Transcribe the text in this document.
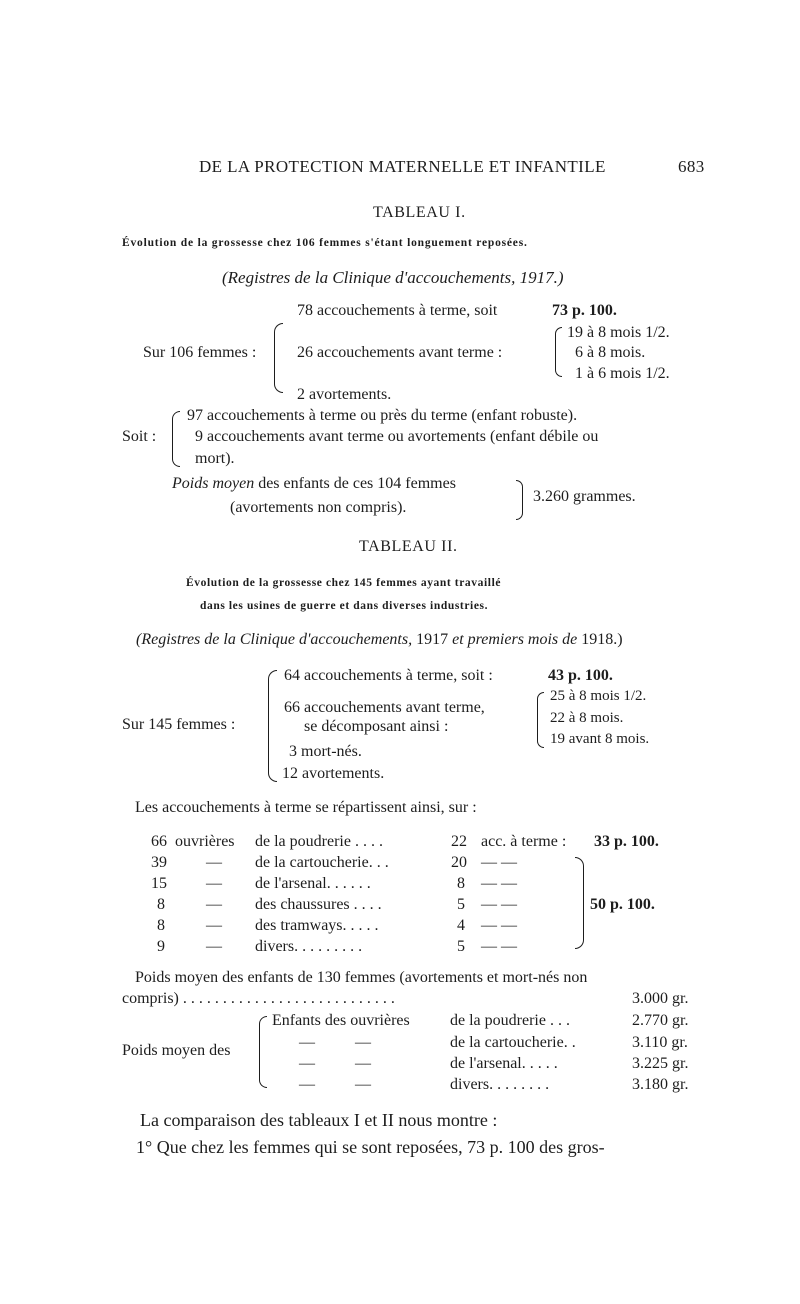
DE LA PROTECTION MATERNELLE ET INFANTILE	683
TABLEAU I.
Évolution de la grossesse chez 106 femmes s'étant longuement reposées.
(Registres de la Clinique d'accouchements, 1917.)
Sur 106 femmes :
78 accouchements à terme, soit	73 p. 100.
26 accouchements avant terme :
19 à 8 mois 1/2.
6 à 8 mois.
1 à 6 mois 1/2.
2 avortements.
Soit :
97 accouchements à terme ou près du terme (enfant robuste).
9 accouchements avant terme ou avortements (enfant débile ou
mort).
Poids moyen des enfants de ces 104 femmes
(avortements non compris).
3.260 grammes.
TABLEAU II.
Évolution de la grossesse chez 145 femmes ayant travaillé
dans les usines de guerre et dans diverses industries.
(Registres de la Clinique d'accouchements, 1917 et premiers mois de 1918.)
Sur 145 femmes :
64 accouchements à terme, soit :	43 p. 100.
66 accouchements avant terme,
se décomposant ainsi :
25 à 8 mois 1/2.
22 à 8 mois.
19 avant 8 mois.
3 mort-nés.
12 avortements.
Les accouchements à terme se répartissent ainsi, sur :
66 ouvrières de la poudrerie . . . .	22 acc. à terme : 33 p. 100.
39 — de la cartoucherie. . .	20 — —
15 — de l'arsenal. . . . . .	8 — —
8	— des chaussures . . . .	5 — —	50 p. 100.
8	— des tramways. . . . .	4 — —
9	— divers. . . . . . . . .	5 — —
Poids moyen des enfants de 130 femmes (avortements et mort-nés non
compris) . . . . . . . . . . . . . . . . . . . . . . . . . . .	3.000 gr.
Poids moyen des
Enfants des ouvrières	de la poudrerie . . .	2.770 gr.
—          —	de la cartoucherie. .	3.110 gr.
—          —	de l'arsenal. . . . .	3.225 gr.
—          —	divers. . . . . . . .	3.180 gr.
La comparaison des tableaux I et II nous montre :
1° Que chez les femmes qui se sont reposées, 73 p. 100 des gros-
